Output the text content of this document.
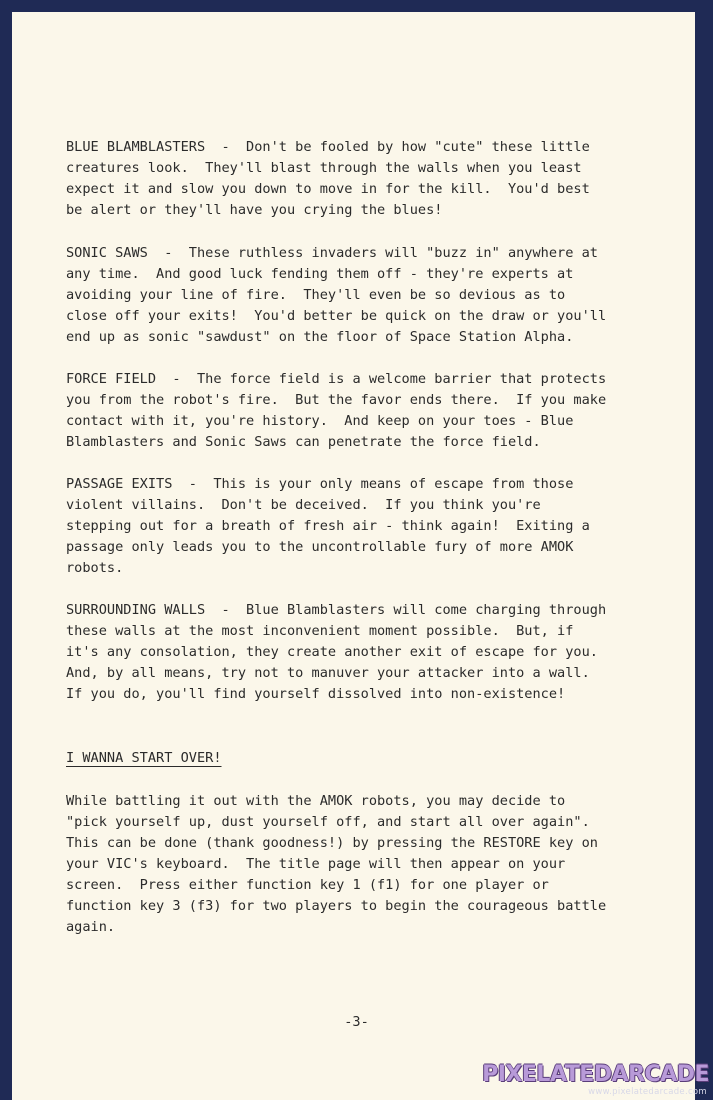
BLUE BLAMBLASTERS  -  Don't be fooled by how "cute" these little
creatures look.  They'll blast through the walls when you least
expect it and slow you down to move in for the kill.  You'd best
be alert or they'll have you crying the blues!
SONIC SAWS  -  These ruthless invaders will "buzz in" anywhere at
any time.  And good luck fending them off - they're experts at
avoiding your line of fire.  They'll even be so devious as to
close off your exits!  You'd better be quick on the draw or you'll
end up as sonic "sawdust" on the floor of Space Station Alpha.
FORCE FIELD  -  The force field is a welcome barrier that protects
you from the robot's fire.  But the favor ends there.  If you make
contact with it, you're history.  And keep on your toes - Blue
Blamblasters and Sonic Saws can penetrate the force field.
PASSAGE EXITS  -  This is your only means of escape from those
violent villains.  Don't be deceived.  If you think you're
stepping out for a breath of fresh air - think again!  Exiting a
passage only leads you to the uncontrollable fury of more AMOK
robots.
SURROUNDING WALLS  -  Blue Blamblasters will come charging through
these walls at the most inconvenient moment possible.  But, if
it's any consolation, they create another exit of escape for you.
And, by all means, try not to manuver your attacker into a wall.
If you do, you'll find yourself dissolved into non-existence!
I WANNA START OVER!
While battling it out with the AMOK robots, you may decide to
"pick yourself up, dust yourself off, and start all over again".
This can be done (thank goodness!) by pressing the RESTORE key on
your VIC's keyboard.  The title page will then appear on your
screen.  Press either function key 1 (f1) for one player or
function key 3 (f3) for two players to begin the courageous battle
again.
-3-
PIXELATEDARCADE
www.pixelatedarcade.com
